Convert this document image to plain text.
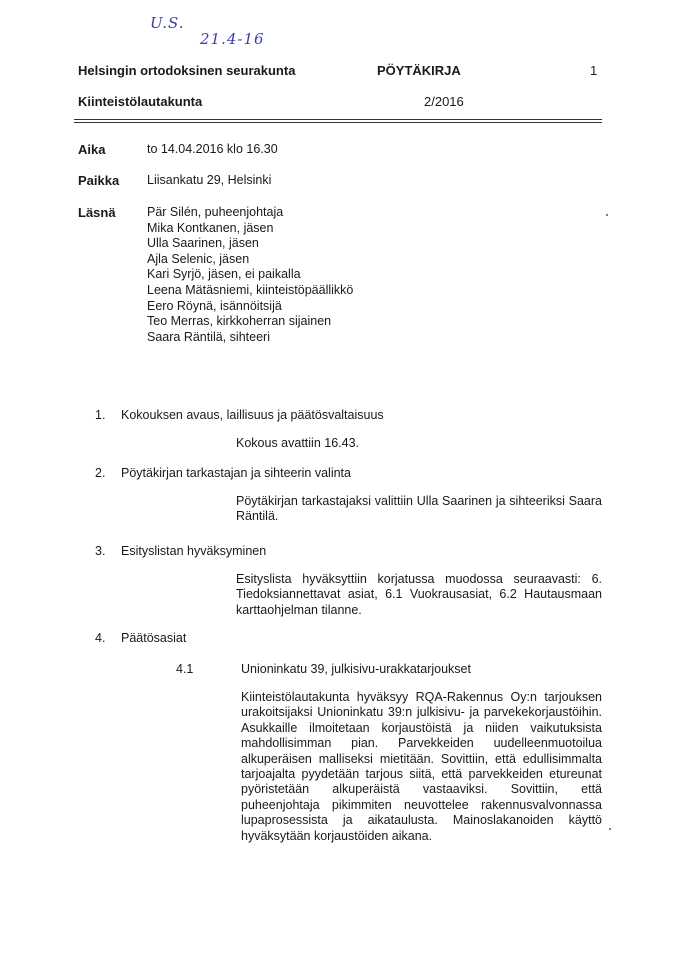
U.S.
21.4-16
Helsingin ortodoksinen seurakunta	PÖYTÄKIRJA	1
Kiinteistölautakunta	2/2016
Aika	to 14.04.2016 klo 16.30
Paikka Liisankatu 29, Helsinki
Läsnä	Pär Silén, puheenjohtaja
Mika Kontkanen, jäsen
Ulla Saarinen, jäsen
Ajla Selenic, jäsen
Kari Syrjö, jäsen, ei paikalla
Leena Mätäsniemi, kiinteistöpäällikkö
Eero Röynä, isännöitsijä
Teo Merras, kirkkoherran sijainen
Saara Räntilä, sihteeri
1. Kokouksen avaus, laillisuus ja päätösvaltaisuus
Kokous avattiin 16.43.
2. Pöytäkirjan tarkastajan ja sihteerin valinta
Pöytäkirjan tarkastajaksi valittiin Ulla Saarinen ja sihteeriksi Saara Räntilä.
3. Esityslistan hyväksyminen
Esityslista hyväksyttiin korjatussa muodossa seuraavasti: 6. Tiedoksiannettavat asiat, 6.1 Vuokrausasiat, 6.2 Hautausmaan karttaohjelman tilanne.
4. Päätösasiat
4.1	Unioninkatu 39, julkisivu-urakkatarjoukset
Kiinteistölautakunta hyväksyy RQA-Rakennus Oy:n tarjouksen urakoitsijaksi Unioninkatu 39:n julkisivu- ja parvekekorjaustöihin. Asukkaille ilmoitetaan korjaustöistä ja niiden vaikutuksista mahdollisimman pian. Parvekkeiden uudelleenmuotoilua alkuperäisen malliseksi mietitään. Sovittiin, että edullisimmalta tarjoajalta pyydetään tarjous siitä, että parvekkeiden etureunat pyöristetään alkuperäistä vastaaviksi. Sovittiin, että puheenjohtaja pikimmiten neuvottelee rakennusvalvonnassa lupaprosessista ja aikataulusta. Mainoslakanoiden käyttö hyväksytään korjaustöiden aikana.
